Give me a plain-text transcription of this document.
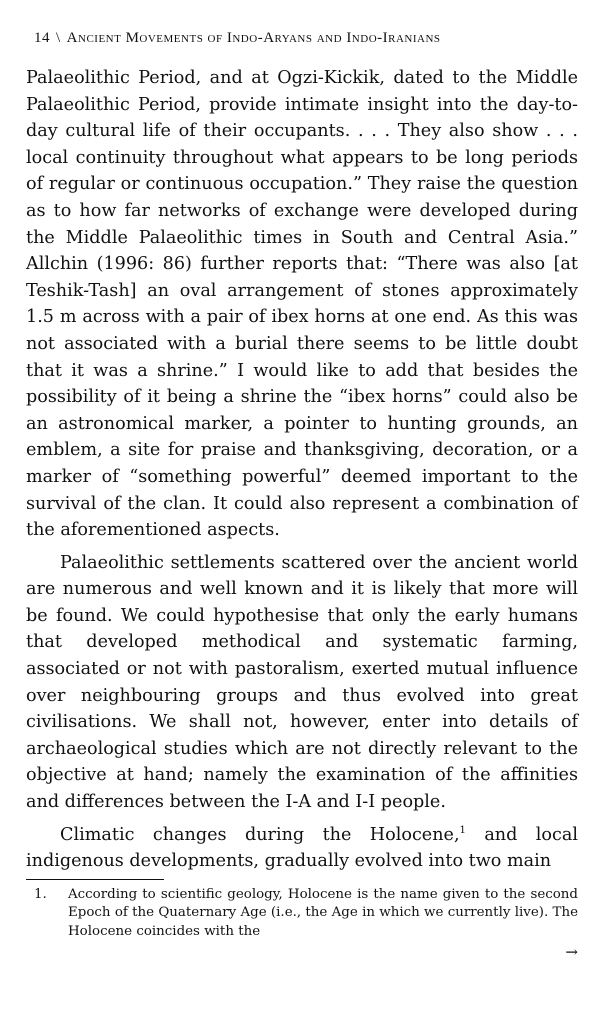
14 \ Ancient Movements of Indo-Aryans and Indo-Iranians

Palaeolithic Period, and at Ogzi-Kickik, dated to the Middle Palaeolithic Period, provide intimate insight into the day-to-day cultural life of their occupants. . . . They also show . . . local continuity throughout what appears to be long periods of regular or continuous occupation.” They raise the question as to how far networks of exchange were developed during the Middle Palaeolithic times in South and Central Asia.” Allchin (1996: 86) further reports that: “There was also [at Teshik-Tash] an oval arrangement of stones approximately 1.5 m across with a pair of ibex horns at one end. As this was not associated with a burial there seems to be little doubt that it was a shrine.” I would like to add that besides the possibility of it being a shrine the “ibex horns” could also be an astronomical marker, a pointer to hunting grounds, an emblem, a site for praise and thanksgiving, decoration, or a marker of “something powerful” deemed important to the survival of the clan. It could also represent a combination of the aforementioned aspects.

Palaeolithic settlements scattered over the ancient world are numerous and well known and it is likely that more will be found. We could hypothesise that only the early humans that developed methodical and systematic farming, associated or not with pastoralism, exerted mutual influence over neighbouring groups and thus evolved into great civilisations. We shall not, however, enter into details of archaeological studies which are not directly relevant to the objective at hand; namely the examination of the affinities and differences between the I-A and I-I people.

Climatic changes during the Holocene,$^1$ and local indigenous developments, gradually evolved into two main

1.	According to scientific geology, Holocene is the name given to the second Epoch of the Quaternary Age (i.e., the Age in which we currently live). The Holocene coincides with the
→
